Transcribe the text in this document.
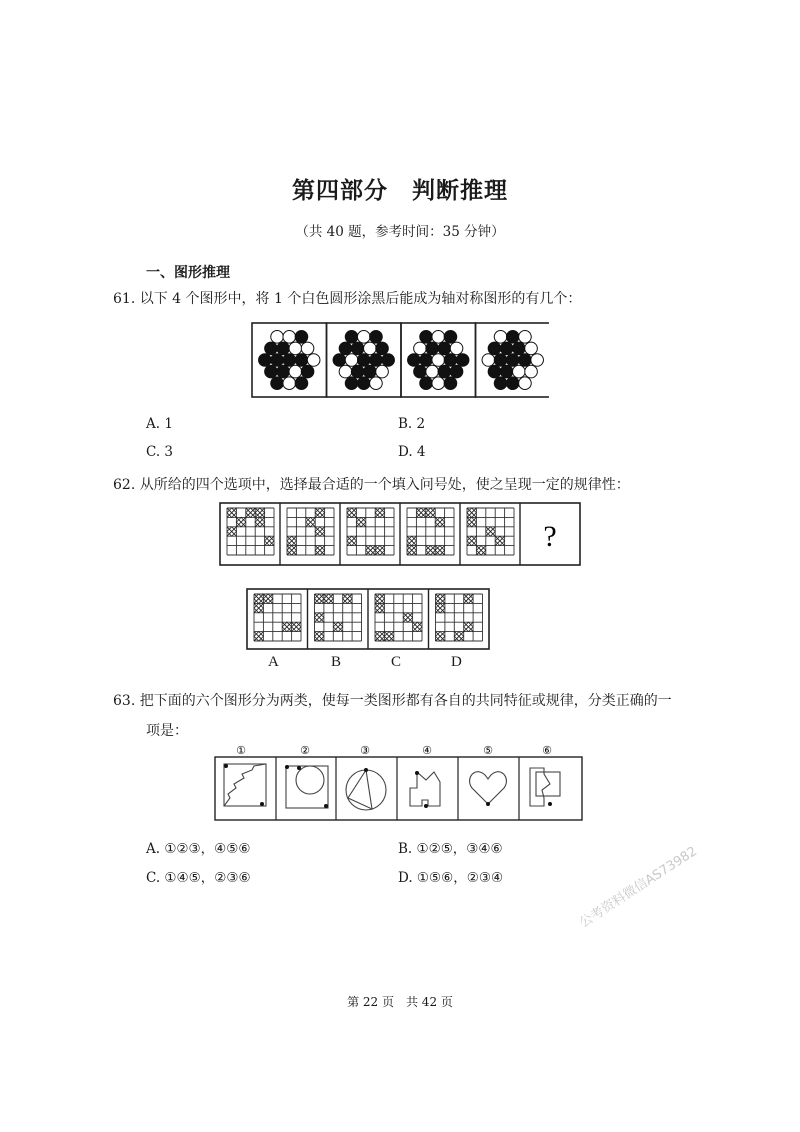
第四部分　判断推理
（共 40 题，参考时间：35 分钟）
一、图形推理
61. 以下 4 个图形中，将 1 个白色圆形涂黑后能成为轴对称图形的有几个：
A. 1	B. 2
C. 3	D. 4
62. 从所给的四个选项中，选择最合适的一个填入问号处，使之呈现一定的规律性：
?
A	B	C	D
63. 把下面的六个图形分为两类，使每一类图形都有各自的共同特征或规律，分类正确的一
项是：
①	②	③	④	⑤	⑥
A. ①②③，④⑤⑥	B. ①②⑤，③④⑥
C. ①④⑤，②③⑥	D. ①⑤⑥，②③④	公考资料微信AS73982
第 22 页　共 42 页
